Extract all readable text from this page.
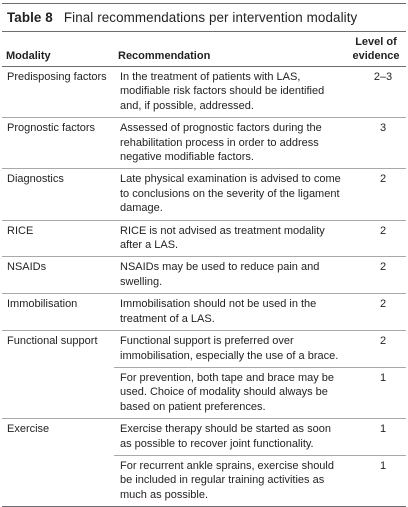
Table 8 Final recommendations per intervention modality
Modality	Recommendation	Level of
evidence
Predisposing factors	In the treatment of patients with LAS, modifiable risk factors should be identified and, if possible, addressed.	2–3
Prognostic factors	Assessed of prognostic factors during the rehabilitation process in order to address negative modifiable factors.	3
Diagnostics	Late physical examination is advised to come to conclusions on the severity of the ligament damage.	2
RICE	RICE is not advised as treatment modality after a LAS.	2
NSAIDs	NSAIDs may be used to reduce pain and swelling.	2
Immobilisation	Immobilisation should not be used in the treatment of a LAS.	2
Functional support	Functional support is preferred over immobilisation, especially the use of a brace.	2
	For prevention, both tape and brace may be used. Choice of modality should always be based on patient preferences.	1
Exercise	Exercise therapy should be started as soon as possible to recover joint functionality.	1
	For recurrent ankle sprains, exercise should be included in regular training activities as much as possible.	1
